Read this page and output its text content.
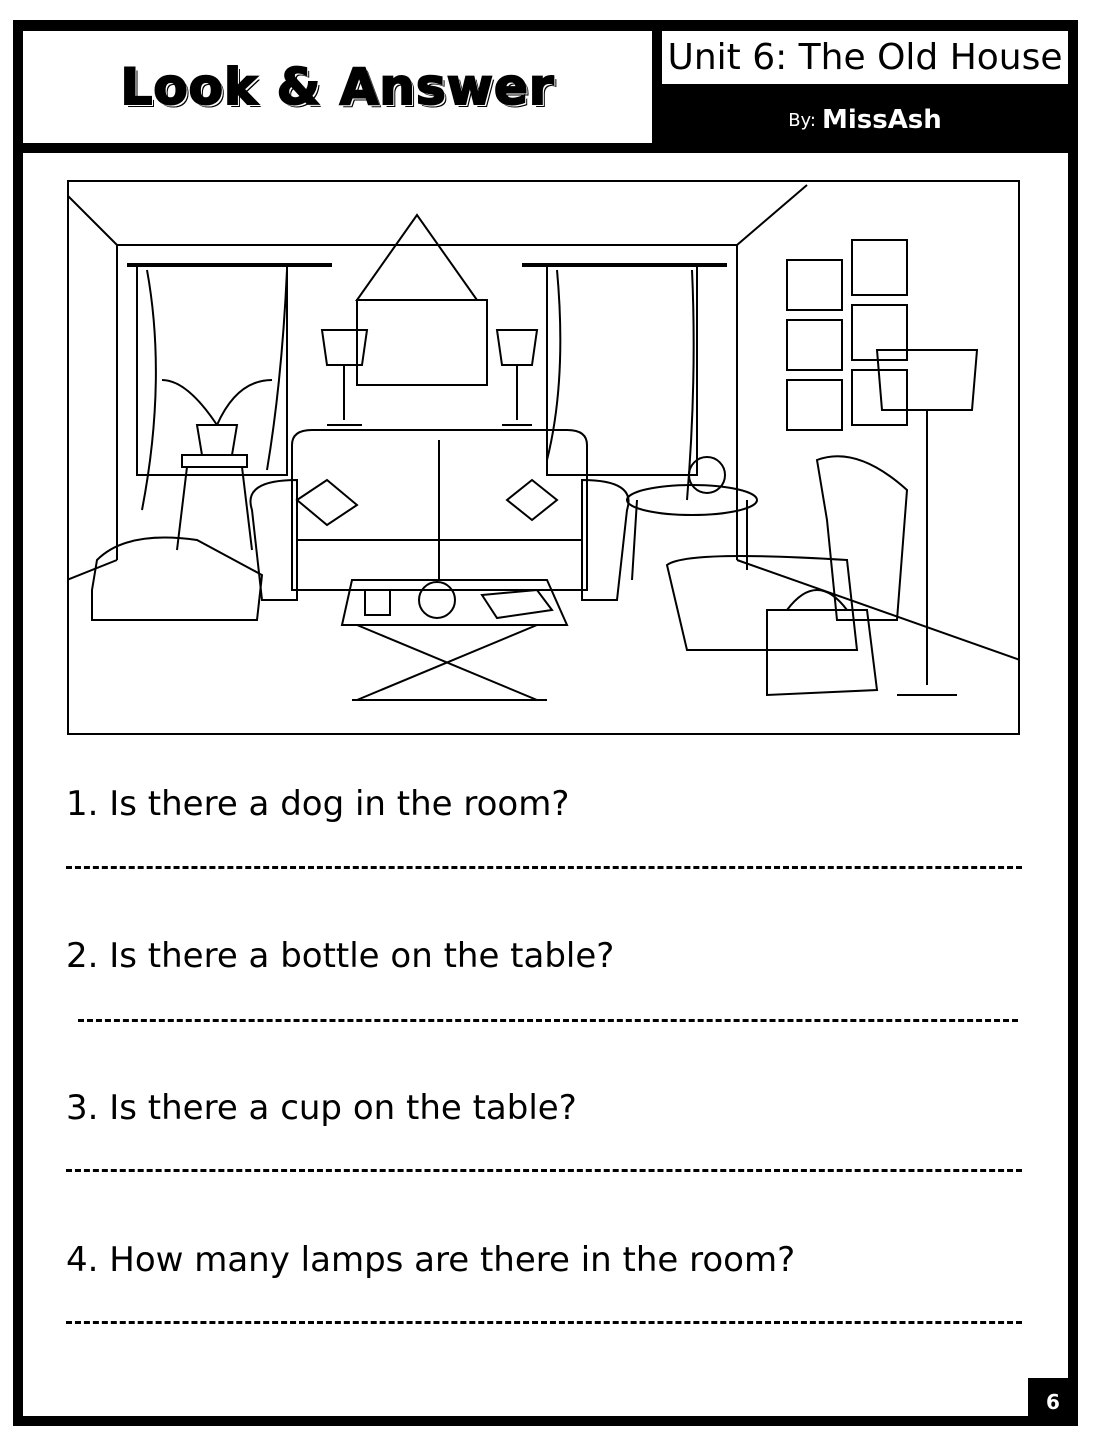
Look & Answer
Unit 6: The Old House
By: MissAsh
1. Is there a dog in the room?
2. Is there a bottle on the table?
3. Is there a cup on the table?
4. How many lamps are there in the room?
6
